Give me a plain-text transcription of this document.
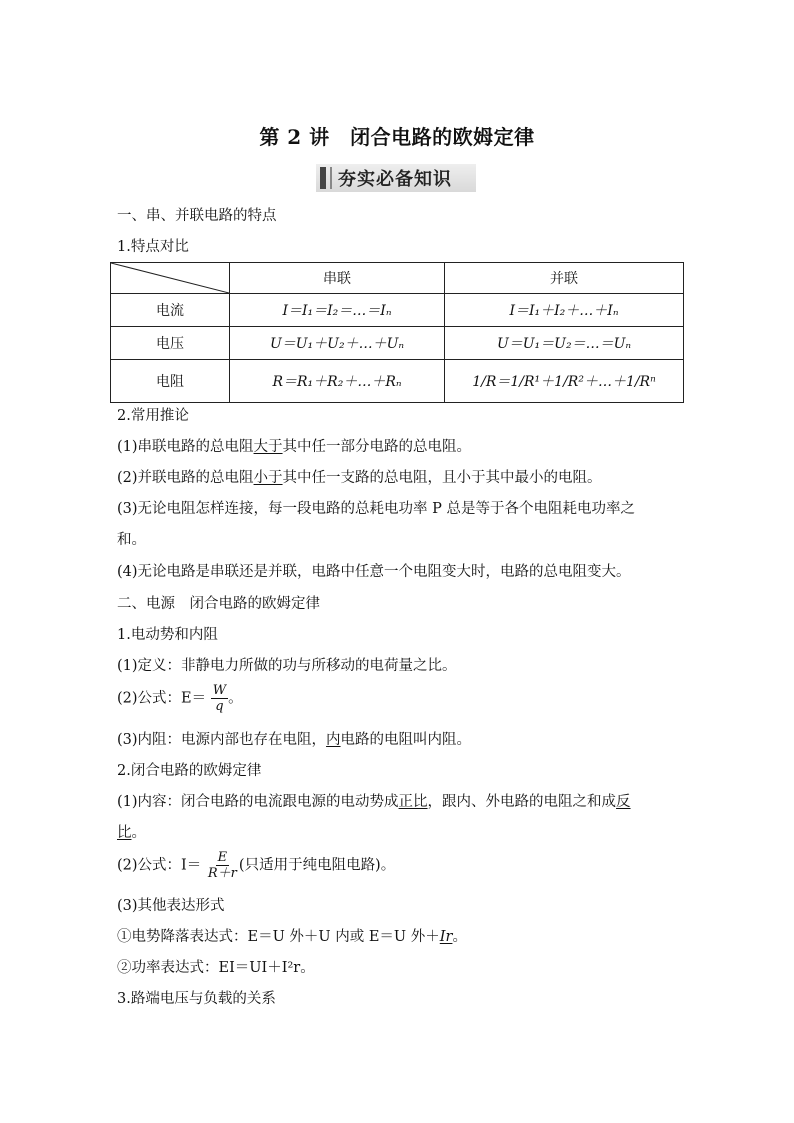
第 2 讲　闭合电路的欧姆定律
夯实必备知识
一、串、并联电路的特点
1.特点对比
	串联	并联
电流	I＝I₁＝I₂＝…＝Iₙ	I＝I₁＋I₂＋…＋Iₙ
电压	U＝U₁＋U₂＋…＋Uₙ	U＝U₁＝U₂＝…＝Uₙ
电阻	R＝R₁＋R₂＋…＋Rₙ	1/R＝1/R¹＋1/R²＋…＋1/Rⁿ
2.常用推论
(1)串联电路的总电阻大于其中任一部分电路的总电阻。
(2)并联电路的总电阻小于其中任一支路的总电阻，且小于其中最小的电阻。
(3)无论电阻怎样连接，每一段电路的总耗电功率 P 总是等于各个电阻耗电功率之
和。
(4)无论电路是串联还是并联，电路中任意一个电阻变大时，电路的总电阻变大。
二、电源　闭合电路的欧姆定律
1.电动势和内阻
(1)定义：非静电力所做的功与所移动的电荷量之比。
(2)公式：$E= \frac{W}{q}$ 。
(3)内阻：电源内部也存在电阻，内电路的电阻叫内阻。
2.闭合电路的欧姆定律
(1)内容：闭合电路的电流跟电源的电动势成正比，跟内、外电路的电阻之和成反
比。
(2)公式：$I= \frac{E}{R+r}$ (只适用于纯电阻电路)。
(3)其他表达形式
①电势降落表达式：E＝U 外＋U 内或 E＝U 外＋Ir。
②功率表达式：EI＝UI＋I²r。
3.路端电压与负载的关系
